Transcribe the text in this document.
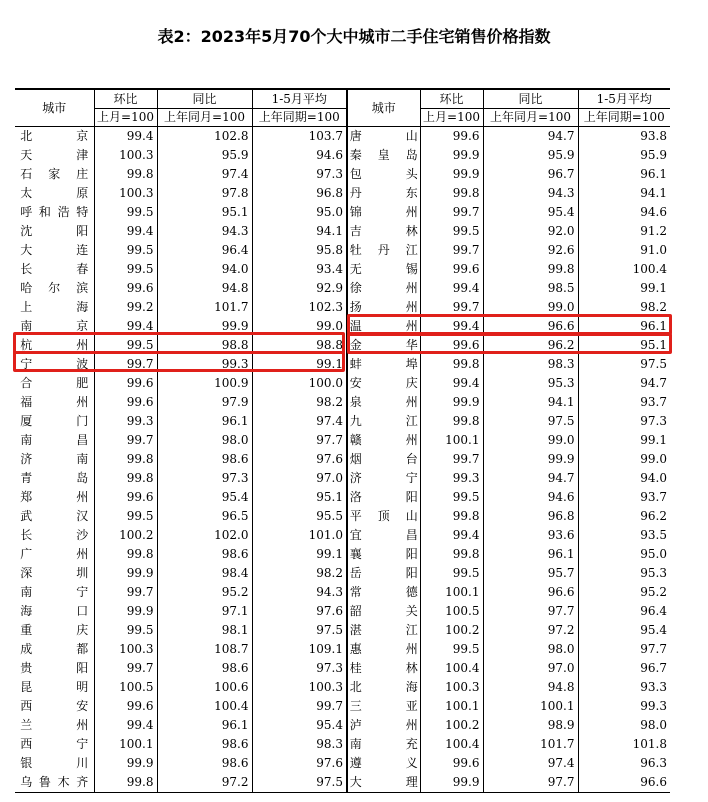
表2：2023年5月70个大中城市二手住宅销售价格指数
城市	环比	同比	1-5月平均	城市	环比	同比	1-5月平均
	上月=100	上年同月=100	上年同期=100		上月=100	上年同月=100	上年同期=100
北京	99.4	102.8	103.7	唐山	99.6	94.7	93.8
天津	100.3	95.9	94.6	秦皇岛	99.9	95.9	95.9
石家庄	99.8	97.4	97.3	包头	99.9	96.7	96.1
太原	100.3	97.8	96.8	丹东	99.8	94.3	94.1
呼和浩特	99.5	95.1	95.0	锦州	99.7	95.4	94.6
沈阳	99.4	94.3	94.1	吉林	99.5	92.0	91.2
大连	99.5	96.4	95.8	牡丹江	99.7	92.6	91.0
长春	99.5	94.0	93.4	无锡	99.6	99.8	100.4
哈尔滨	99.6	94.8	92.9	徐州	99.4	98.5	99.1
上海	99.2	101.7	102.3	扬州	99.7	99.0	98.2
南京	99.4	99.9	99.0	温州	99.4	96.6	96.1
杭州	99.5	98.8	98.8	金华	99.6	96.2	95.1
宁波	99.7	99.3	99.1	蚌埠	99.8	98.3	97.5
合肥	99.6	100.9	100.0	安庆	99.4	95.3	94.7
福州	99.6	97.9	98.2	泉州	99.9	94.1	93.7
厦门	99.3	96.1	97.4	九江	99.8	97.5	97.3
南昌	99.7	98.0	97.7	赣州	100.1	99.0	99.1
济南	99.8	98.6	97.6	烟台	99.7	99.9	99.0
青岛	99.8	97.3	97.0	济宁	99.3	94.7	94.0
郑州	99.6	95.4	95.1	洛阳	99.5	94.6	93.7
武汉	99.5	96.5	95.5	平顶山	99.8	96.8	96.2
长沙	100.2	102.0	101.0	宜昌	99.4	93.6	93.5
广州	99.8	98.6	99.1	襄阳	99.8	96.1	95.0
深圳	99.9	98.4	98.2	岳阳	99.5	95.7	95.3
南宁	99.7	95.2	94.3	常德	100.1	96.6	95.2
海口	99.9	97.1	97.6	韶关	100.5	97.7	96.4
重庆	99.5	98.1	97.5	湛江	100.2	97.2	95.4
成都	100.3	108.7	109.1	惠州	99.5	98.0	97.7
贵阳	99.7	98.6	97.3	桂林	100.4	97.0	96.7
昆明	100.5	100.6	100.3	北海	100.3	94.8	93.3
西安	99.6	100.4	99.7	三亚	100.1	100.1	99.3
兰州	99.4	96.1	95.4	泸州	100.2	98.9	98.0
西宁	100.1	98.6	98.3	南充	100.4	101.7	101.8
银川	99.9	98.6	97.6	遵义	99.6	97.4	96.3
乌鲁木齐	99.8	97.2	97.5	大理	99.9	97.7	96.6
